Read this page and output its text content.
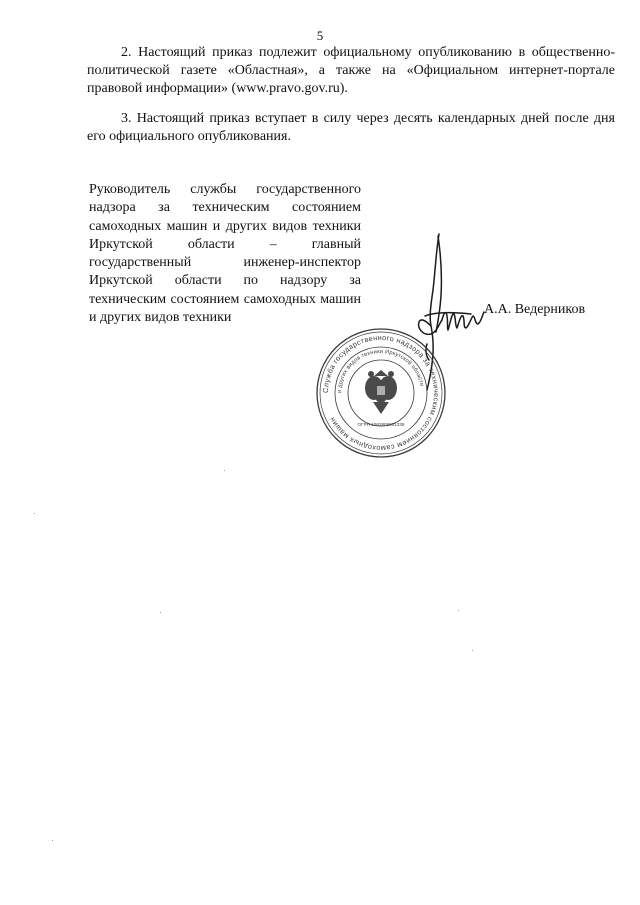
5

2. Настоящий приказ подлежит официальному опубликованию в общественно-политической газете «Областная», а также на «Официальном интернет-портале правовой информации» (www.pravo.gov.ru).

3. Настоящий приказ вступает в силу через десять календарных дней после дня его официального опубликования.

Руководитель службы государственного надзора за техническим состоянием самоходных машин и других видов техники Иркутской области – главный государственный инженер-инспектор Иркутской области по надзору за техническим состоянием самоходных машин и других видов техники

А.А. Ведерников
Служба государственного надзора за техническим состоянием самоходных машин
и других видов техники Иркутской области
ОГРН 1083808001339
